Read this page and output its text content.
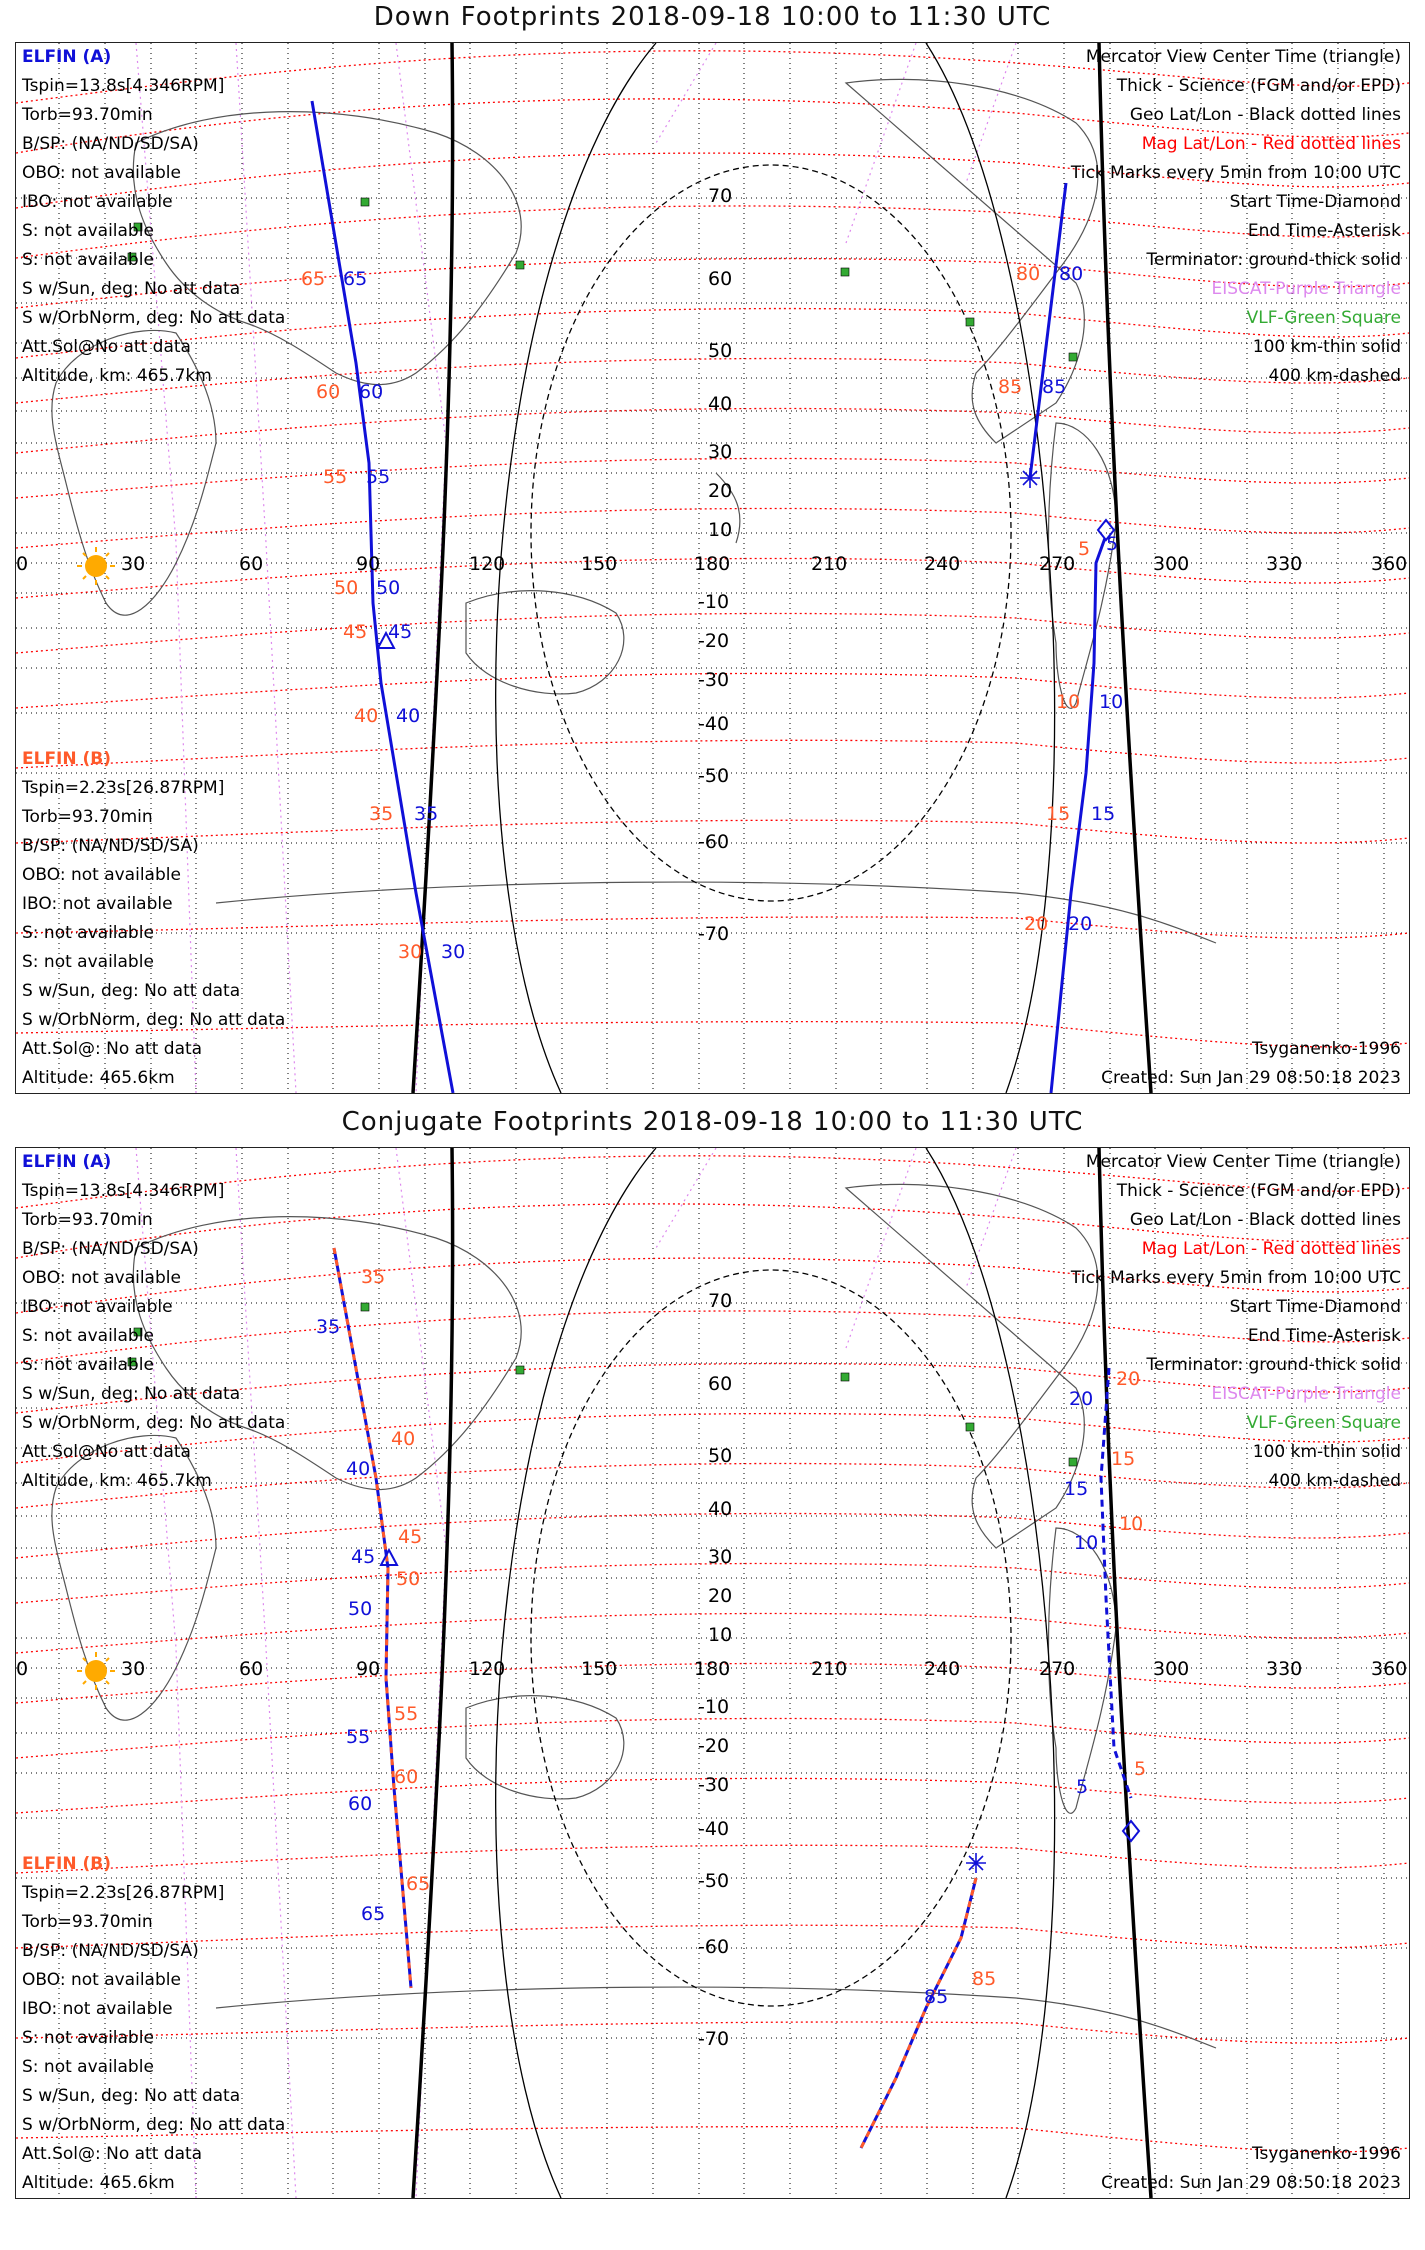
Down Footprints 2018-09-18 10:00 to 11:30 UTC
0	30	60	90	120	150	180	210	240	270	300	330	360
70
60
50
40
30
20
10
-10
-20
-30
-40
-50
-60
-70
65 65
60 60
55 55
50 50
45 45
40 40
35 35
30 30
80 80
85 85
5 5
10 10
15 15
20 20
ELFIN (A)
Tspin=13.8s[4.346RPM]
Torb=93.70min
B/SP: (NA/ND/SD/SA)
OBO: not available
IBO: not available
S: not available
S: not available
S w/Sun, deg: No att data
S w/OrbNorm, deg: No att data
Att.Sol@No att data
Altitude, km: 465.7km
ELFIN (B)
Tspin=2.23s[26.87RPM]
Torb=93.70min
B/SP: (NA/ND/SD/SA)
OBO: not available
IBO: not available
S: not available
S: not available
S w/Sun, deg: No att data
S w/OrbNorm, deg: No att data
Att.Sol@: No att data
Altitude: 465.6km
Mercator View Center Time (triangle)
Thick - Science (FGM and/or EPD)
Geo Lat/Lon - Black dotted lines
Mag Lat/Lon - Red dotted lines
Tick Marks every 5min from 10:00 UTC
Start Time-Diamond
End Time-Asterisk
Terminator: ground-thick solid
EISCAT-Purple Triangle
VLF-Green Square
100 km-thin solid
400 km-dashed
Tsyganenko-1996
Created: Sun Jan 29 08:50:18 2023
Conjugate Footprints 2018-09-18 10:00 to 11:30 UTC
0	30	60	90	120	150	180	210	240	270	300	330	360
70
60
50
40
30
20
10
-10
-20
-30
-40
-50
-60
-70
35
35
40
40
45
45
50
50
55
55
60
60
65
65
85
85
20
20
15
15
10
10
5
5
ELFIN (A)
Tspin=13.8s[4.346RPM]
Torb=93.70min
B/SP: (NA/ND/SD/SA)
OBO: not available
IBO: not available
S: not available
S: not available
S w/Sun, deg: No att data
S w/OrbNorm, deg: No att data
Att.Sol@No att data
Altitude, km: 465.7km
ELFIN (B)
Tspin=2.23s[26.87RPM]
Torb=93.70min
B/SP: (NA/ND/SD/SA)
OBO: not available
IBO: not available
S: not available
S: not available
S w/Sun, deg: No att data
S w/OrbNorm, deg: No att data
Att.Sol@: No att data
Altitude: 465.6km
Mercator View Center Time (triangle)
Thick - Science (FGM and/or EPD)
Geo Lat/Lon - Black dotted lines
Mag Lat/Lon - Red dotted lines
Tick Marks every 5min from 10:00 UTC
Start Time-Diamond
End Time-Asterisk
Terminator: ground-thick solid
EISCAT-Purple Triangle
VLF-Green Square
100 km-thin solid
400 km-dashed
Tsyganenko-1996
Created: Sun Jan 29 08:50:18 2023
